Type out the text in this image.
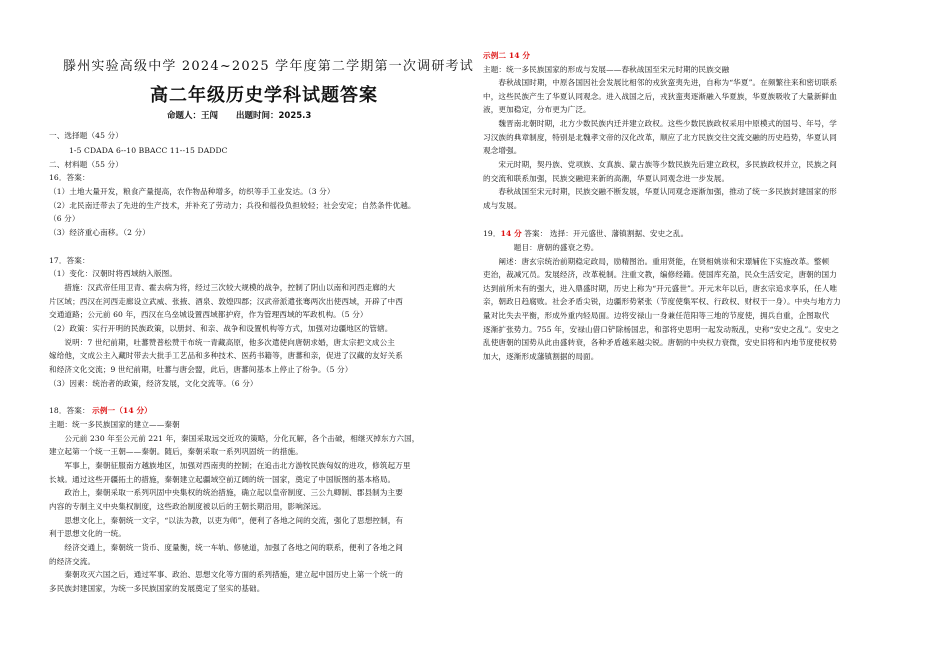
滕州实验高级中学 2024~2025 学年度第二学期第一次调研考试
高二年级历史学科试题答案
命题人：王闯 出题时间：2025.3
一、选择题（45 分）
1-5 CDADA 6--10 BBACC 11--15 DADDC
二、材料题（55 分）
16．答案：
（1）土地大量开发，粮食产量提高，农作物品种增多，纺织等手工业发达。（3 分）
（2）北民南迁带去了先进的生产技术，并补充了劳动力；兵役和徭役负担较轻；社会安定；自然条件优越。
（6 分）
（3）经济重心南移。（2 分）
17．答案：
（1）变化：汉朝时将西域纳入版图。
　　措施：汉武帝任用卫青、霍去病为将，经过三次较大规模的战争，控制了阴山以南和河西走廊的大
片区域；西汉在河西走廊设立武威、张掖、酒泉、敦煌四郡；汉武帝派遣张骞两次出使西域，开辟了中西
交通道路；公元前 60 年，西汉在乌垒城设置西域都护府，作为管理西域的军政机构。（5 分）
（2）政策：实行开明的民族政策，以册封、和亲、战争和设置机构等方式，加强对边疆地区的管辖。
　　说明：7 世纪前期，吐蕃赞普松赞干布统一青藏高原，他多次遣使向唐朝求婚，唐太宗把文成公主
嫁给他，文成公主入藏时带去大批手工艺品和多种技术、医药书籍等，唐蕃和亲，促进了汉藏的友好关系
和经济文化交流；9 世纪前期，吐蕃与唐会盟，此后，唐蕃间基本上停止了纷争。（5 分）
（3）因素：统治者的政策，经济发展，文化交流等。（6 分）
18．答案： 示例一（14 分）
主题：统一多民族国家的建立——秦朝
　　公元前 230 年至公元前 221 年，秦国采取远交近攻的策略，分化瓦解，各个击破，相继灭掉东方六国，
建立起第一个统一王朝——秦朝。随后，秦朝采取一系列巩固统一的措施。
　　军事上，秦朝征服南方越族地区，加强对西南夷的控制；在追击北方游牧民族匈奴的进攻，修筑起万里
长城。通过这些开疆拓土的措施，秦朝建立起疆域空前辽阔的统一国家，奠定了中国版图的基本格局。
　　政治上，秦朝采取一系列巩固中央集权的统治措施，确立起以皇帝制度、三公九卿制、郡县制为主要
内容的专制主义中央集权制度，这些政治制度被以后的王朝长期沿用，影响深远。
　　思想文化上，秦朝统一文字，“以法为教，以吏为师”，便利了各地之间的交流，强化了思想控制，有
利于思想文化的一统。
　　经济交通上，秦朝统一货币、度量衡，统一车轨、修驰道，加强了各地之间的联系，便利了各地之间
的经济交流。
　　秦朝攻灭六国之后，通过军事、政治、思想文化等方面的系列措施，建立起中国历史上第一个统一的
多民族封建国家，为统一多民族国家的发展奠定了坚实的基础。
示例二 14 分
主题：统一多民族国家的形成与发展——春秋战国至宋元时期的民族交融
　　春秋战国时期，中原各国因社会发展比相邻的戎狄蛮夷先进，自称为“华夏”。在频繁往来和密切联系
中，这些民族产生了华夏认同观念。进入战国之后，戎狄蛮夷逐渐融入华夏族，华夏族吸收了大量新鲜血
液，更加稳定，分布更为广泛。
　　魏晋南北朝时期，北方少数民族内迁并建立政权。这些少数民族政权采用中原模式的国号、年号，学
习汉族的典章制度，特别是北魏孝文帝的汉化改革，顺应了北方民族交往交流交融的历史趋势，华夏认同
观念增强。
　　宋元时期，契丹族、党项族、女真族、蒙古族等少数民族先后建立政权，多民族政权并立，民族之间
的交流和联系加强，民族交融迎来新的高潮，华夏认同观念进一步发展。
　　春秋战国至宋元时期，民族交融不断发展，华夏认同观念逐渐加强，推动了统一多民族封建国家的形
成与发展。
19．14 分 答案： 选择：开元盛世、藩镇割据、安史之乱。
　　　　题目：唐朝的盛衰之势。
　　阐述：唐玄宗统治前期稳定政局，励精图治。重用贤能，在贤相姚崇和宋璟辅佐下实施改革。整顿
吏治，裁减冗员。发展经济，改革税制。注重文教，编修经籍。使国库充盈，民众生活安定，唐朝的国力
达到前所未有的强大，进入鼎盛时期，历史上称为“开元盛世”。开元末年以后，唐玄宗追求享乐，任人唯
亲，朝政日趋腐败。社会矛盾尖锐，边疆形势紧张（节度使集军权、行政权、财权于一身）。中央与地方力
量对比失去平衡，形成外重内轻局面。边将安禄山一身兼任范阳等三地的节度使，拥兵自重，企图取代
逐渐扩张势力。755 年，安禄山借口铲除杨国忠，和部将史思明一起发动叛乱，史称“安史之乱”。安史之
乱使唐朝的国势从此由盛转衰，各种矛盾越来越尖锐。唐朝的中央权力衰微，安史旧将和内地节度使权势
加大，逐渐形成藩镇割据的局面。
